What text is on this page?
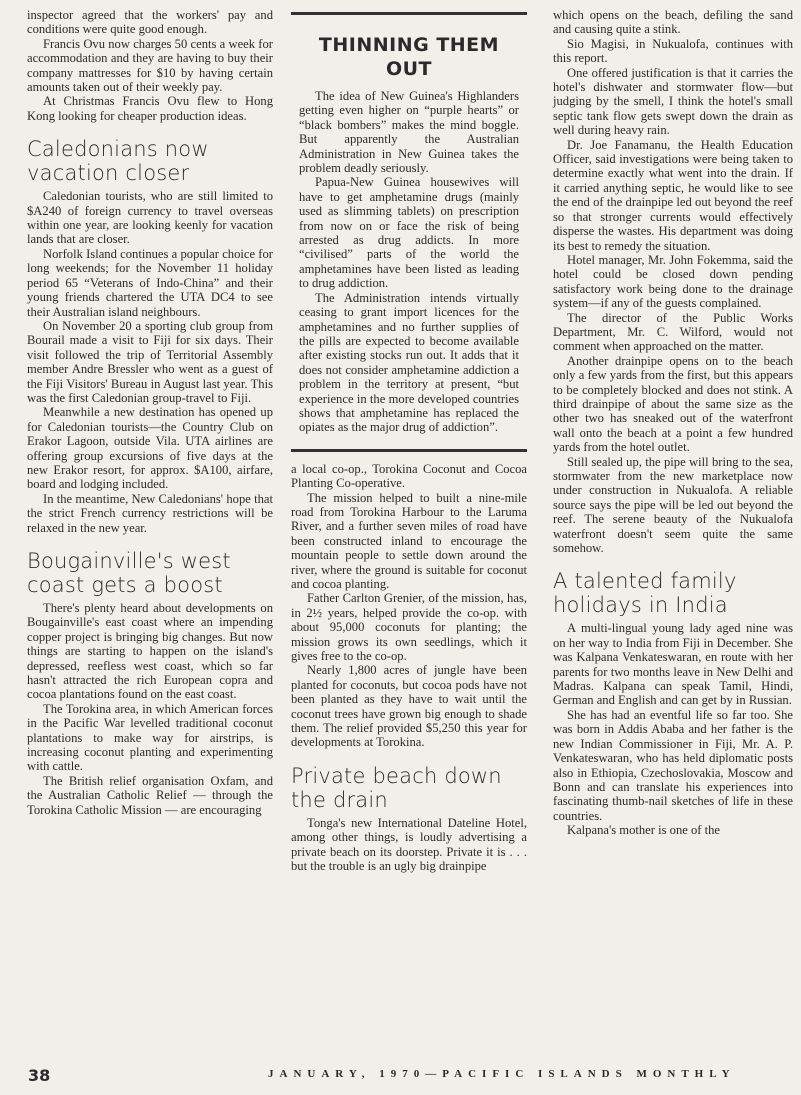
inspector agreed that the workers' pay and conditions were quite good enough.

Francis Ovu now charges 50 cents a week for accommodation and they are having to buy their company mattresses for $10 by having certain amounts taken out of their weekly pay.

At Christmas Francis Ovu flew to Hong Kong looking for cheaper production ideas.

Caledonians now vacation closer

Caledonian tourists, who are still limited to $A240 of foreign currency to travel overseas within one year, are looking keenly for vacation lands that are closer.

Norfolk Island continues a popular choice for long weekends; for the November 11 holiday period 65 “Veterans of Indo-China” and their young friends chartered the UTA DC4 to see their Australian island neighbours.

On November 20 a sporting club group from Bourail made a visit to Fiji for six days. Their visit followed the trip of Territorial Assembly member Andre Bressler who went as a guest of the Fiji Visitors' Bureau in August last year. This was the first Caledonian group-travel to Fiji.

Meanwhile a new destination has opened up for Caledonian tourists—the Country Club on Erakor Lagoon, outside Vila. UTA airlines are offering group excursions of five days at the new Erakor resort, for approx. $A100, airfare, board and lodging included.

In the meantime, New Caledonians' hope that the strict French currency restrictions will be relaxed in the new year.

Bougainville's west coast gets a boost

There's plenty heard about developments on Bougainville's east coast where an impending copper project is bringing big changes. But now things are starting to happen on the island's depressed, reefless west coast, which so far hasn't attracted the rich European copra and cocoa plantations found on the east coast.

The Torokina area, in which American forces in the Pacific War levelled traditional coconut plantations to make way for airstrips, is increasing coconut planting and experimenting with cattle.

The British relief organisation Oxfam, and the Australian Catholic Relief — through the Torokina Catholic Mission — are encouraging

THINNING THEM OUT

The idea of New Guinea's Highlanders getting even higher on “purple hearts” or “black bombers” makes the mind boggle. But apparently the Australian Administration in New Guinea takes the problem deadly seriously.

Papua-New Guinea housewives will have to get amphetamine drugs (mainly used as slimming tablets) on prescription from now on or face the risk of being arrested as drug addicts. In more “civilised” parts of the world the amphetamines have been listed as leading to drug addiction.

The Administration intends virtually ceasing to grant import licences for the amphetamines and no further supplies of the pills are expected to become available after existing stocks run out. It adds that it does not consider amphetamine addiction a problem in the territory at present, “but experience in the more developed countries shows that amphetamine has replaced the opiates as the major drug of addiction”.

a local co-op., Torokina Coconut and Cocoa Planting Co-operative.

The mission helped to built a nine-mile road from Torokina Harbour to the Laruma River, and a further seven miles of road have been constructed inland to encourage the mountain people to settle down around the river, where the ground is suitable for coconut and cocoa planting.

Father Carlton Grenier, of the mission, has, in 2½ years, helped provide the co-op. with about 95,000 coconuts for planting; the mission grows its own seedlings, which it gives free to the co-op.

Nearly 1,800 acres of jungle have been planted for coconuts, but cocoa pods have not been planted as they have to wait until the coconut trees have grown big enough to shade them. The relief provided $5,250 this year for developments at Torokina.

Private beach down the drain

Tonga's new International Dateline Hotel, among other things, is loudly advertising a private beach on its doorstep. Private it is . . . but the trouble is an ugly big drainpipe

which opens on the beach, defiling the sand and causing quite a stink.

Sio Magisi, in Nukualofa, continues with this report.

One offered justification is that it carries the hotel's dishwater and stormwater flow—but judging by the smell, I think the hotel's small septic tank flow gets swept down the drain as well during heavy rain.

Dr. Joe Fanamanu, the Health Education Officer, said investigations were being taken to determine exactly what went into the drain. If it carried anything septic, he would like to see the end of the drainpipe led out beyond the reef so that stronger currents would effectively disperse the wastes. His department was doing its best to remedy the situation.

Hotel manager, Mr. John Fokemma, said the hotel could be closed down pending satisfactory work being done to the drainage system—if any of the guests complained.

The director of the Public Works Department, Mr. C. Wilford, would not comment when approached on the matter.

Another drainpipe opens on to the beach only a few yards from the first, but this appears to be completely blocked and does not stink. A third drainpipe of about the same size as the other two has sneaked out of the waterfront wall onto the beach at a point a few hundred yards from the hotel outlet.

Still sealed up, the pipe will bring to the sea, stormwater from the new marketplace now under construction in Nukualofa. A reliable source says the pipe will be led out beyond the reef. The serene beauty of the Nukualofa waterfront doesn't seem quite the same somehow.

A talented family holidays in India

A multi-lingual young lady aged nine was on her way to India from Fiji in December. She was Kalpana Venkateswaran, en route with her parents for two months leave in New Delhi and Madras. Kalpana can speak Tamil, Hindi, German and English and can get by in Russian.

She has had an eventful life so far too. She was born in Addis Ababa and her father is the new Indian Commissioner in Fiji, Mr. A. P. Venkateswaran, who has held diplomatic posts also in Ethiopia, Czechoslovakia, Moscow and Bonn and can translate his experiences into fascinating thumb-nail sketches of life in these countries.

Kalpana's mother is one of the

38	JANUARY, 1970—PACIFIC ISLANDS MONTHLY
